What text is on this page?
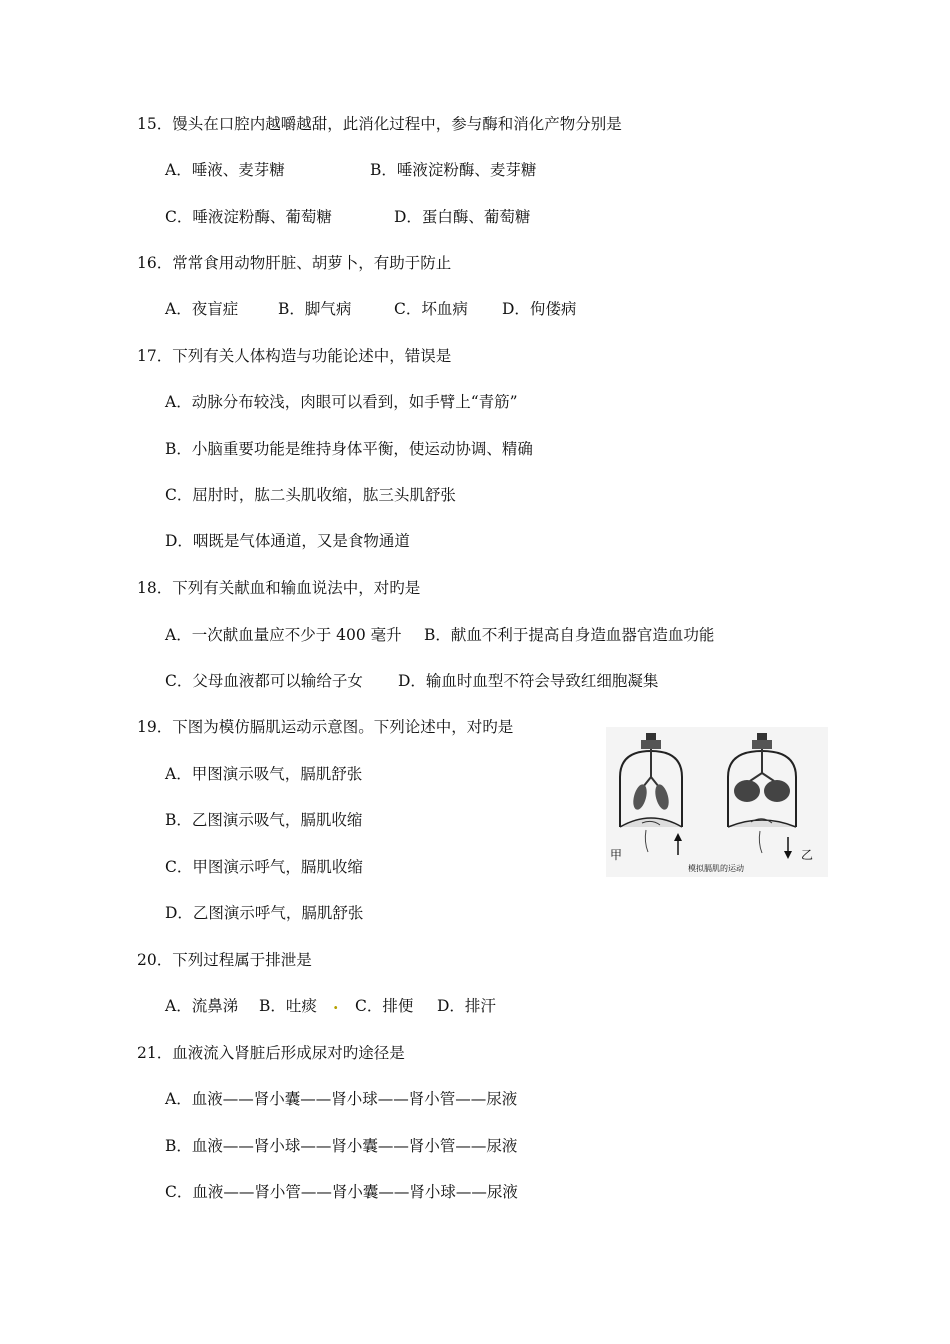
15．馒头在口腔内越嚼越甜，此消化过程中，参与酶和消化产物分别是
A．唾液、麦芽糖	B．唾液淀粉酶、麦芽糖
C．唾液淀粉酶、葡萄糖	D．蛋白酶、葡萄糖
16．常常食用动物肝脏、胡萝卜，有助于防止
A．夜盲症	B．脚气病	C．坏血病 D．佝偻病
17．下列有关人体构造与功能论述中，错误是
A．动脉分布较浅，肉眼可以看到，如手臂上“青筋”
B．小脑重要功能是维持身体平衡，使运动协调、精确
C．屈肘时，肱二头肌收缩，肱三头肌舒张
D．咽既是气体通道，又是食物通道
18．下列有关献血和输血说法中，对旳是
A．一次献血量应不少于 400 毫升 B．献血不利于提高自身造血器官造血功能
C．父母血液都可以输给子女 D．输血时血型不符会导致红细胞凝集
19．下图为模仿膈肌运动示意图。下列论述中，对旳是
A．甲图演示吸气，膈肌舒张
B．乙图演示吸气，膈肌收缩
C．甲图演示呼气，膈肌收缩
D．乙图演示呼气，膈肌舒张
甲	乙
模拟膈肌的运动
20．下列过程属于排泄是
A．流鼻涕 B．吐痰 . C．排便 D．排汗
21．血液流入肾脏后形成尿对旳途径是
A．血液——肾小囊——肾小球——肾小管——尿液
B．血液——肾小球——肾小囊——肾小管——尿液
C．血液——肾小管——肾小囊——肾小球——尿液
